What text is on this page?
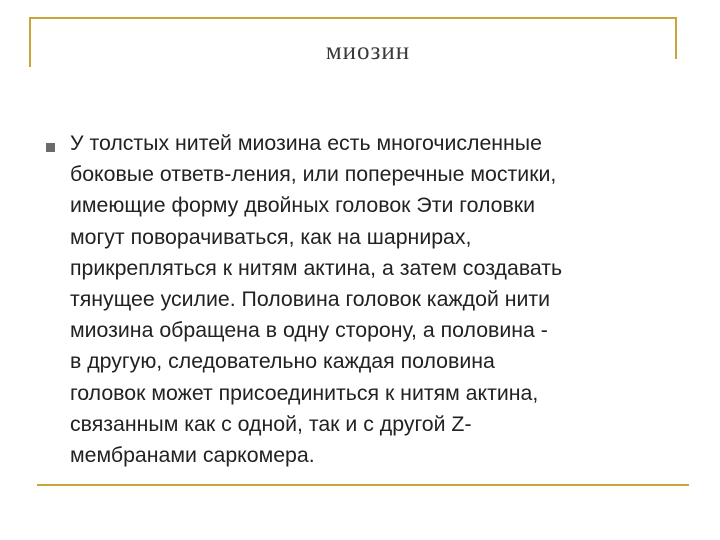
миозин
У толстых нитей миозина есть многочисленные
боковые ответв-ления, или поперечные мостики,
имеющие форму двойных головок Эти головки
могут поворачиваться, как на шарнирах,
прикрепляться к нитям актина, а затем создавать
тянущее усилие. Половина головок каждой нити
миозина обращена в одну сторону, а половина -
в другую, следовательно каждая половина
головок может присоединиться к нитям актина,
связанным как с одной, так и с другой Z-
мембранами саркомера.
